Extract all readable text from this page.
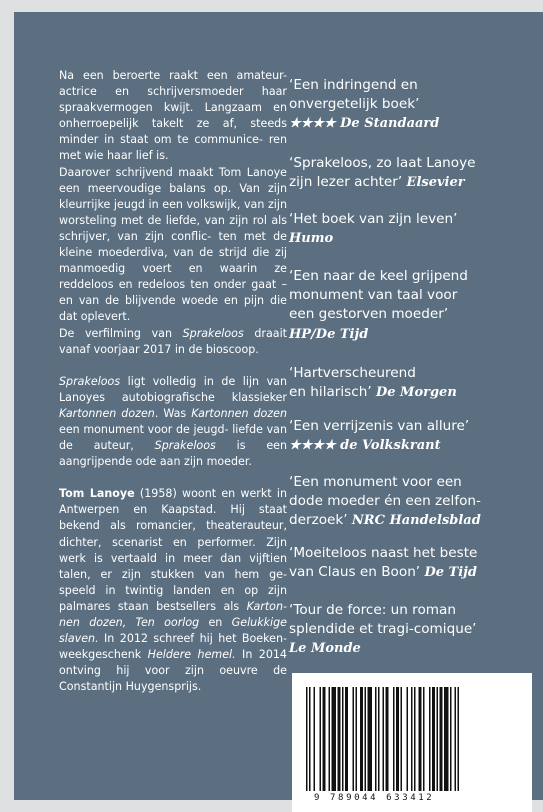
Na een beroerte raakt een amateur- actrice en schrijversmoeder haar spraakvermogen kwijt. Langzaam en onherroepelijk takelt ze af, steeds minder in staat om te communice- ren met wie haar lief is.

Daarover schrijvend maakt Tom Lanoye een meervoudige balans op. Van zijn kleurrijke jeugd in een volkswijk, van zijn worsteling met de liefde, van zijn rol als schrijver, van zijn conflic- ten met de kleine moederdiva, van de strijd die zij manmoedig voert en waarin ze reddeloos en redeloos ten onder gaat – en van de blijvende woede en pijn die dat oplevert.

De verfilming van Sprakeloos draait vanaf voorjaar 2017 in de bioscoop.

Sprakeloos ligt volledig in de lijn van Lanoyes autobiografische klassieker Kartonnen dozen. Was Kartonnen dozen een monument voor de jeugd- liefde van de auteur, Sprakeloos is een aangrijpende ode aan zijn moeder.

Tom Lanoye (1958) woont en werkt in Antwerpen en Kaapstad. Hij staat bekend als romancier, theaterauteur, dichter, scenarist en performer. Zijn werk is vertaald in meer dan vijftien talen, er zijn stukken van hem ge- speeld in twintig landen en op zijn palmares staan bestsellers als Karton- nen dozen, Ten oorlog en Gelukkige slaven. In 2012 schreef hij het Boeken- weekgeschenk Heldere hemel. In 2014 ontving hij voor zijn oeuvre de Constantijn Huygensprijs.

‘Een indringend en
onvergetelijk boek’
★★★★ De Standaard
‘Sprakeloos, zo laat Lanoye
zijn lezer achter’ Elsevier
‘Het boek van zijn leven’
Humo
‘Een naar de keel grijpend
monument van taal voor
een gestorven moeder’
HP/De Tijd
‘Hartverscheurend
en hilarisch’ De Morgen
‘Een verrijzenis van allure’
★★★★ de Volkskrant
‘Een monument voor een
dode moeder én een zelfon-
derzoek’ NRC Handelsblad
‘Moeiteloos naast het beste
van Claus en Boon’ De Tijd
‘Tour de force: un roman
splendide et tragi-comique’
Le Monde
9 789044 633412
